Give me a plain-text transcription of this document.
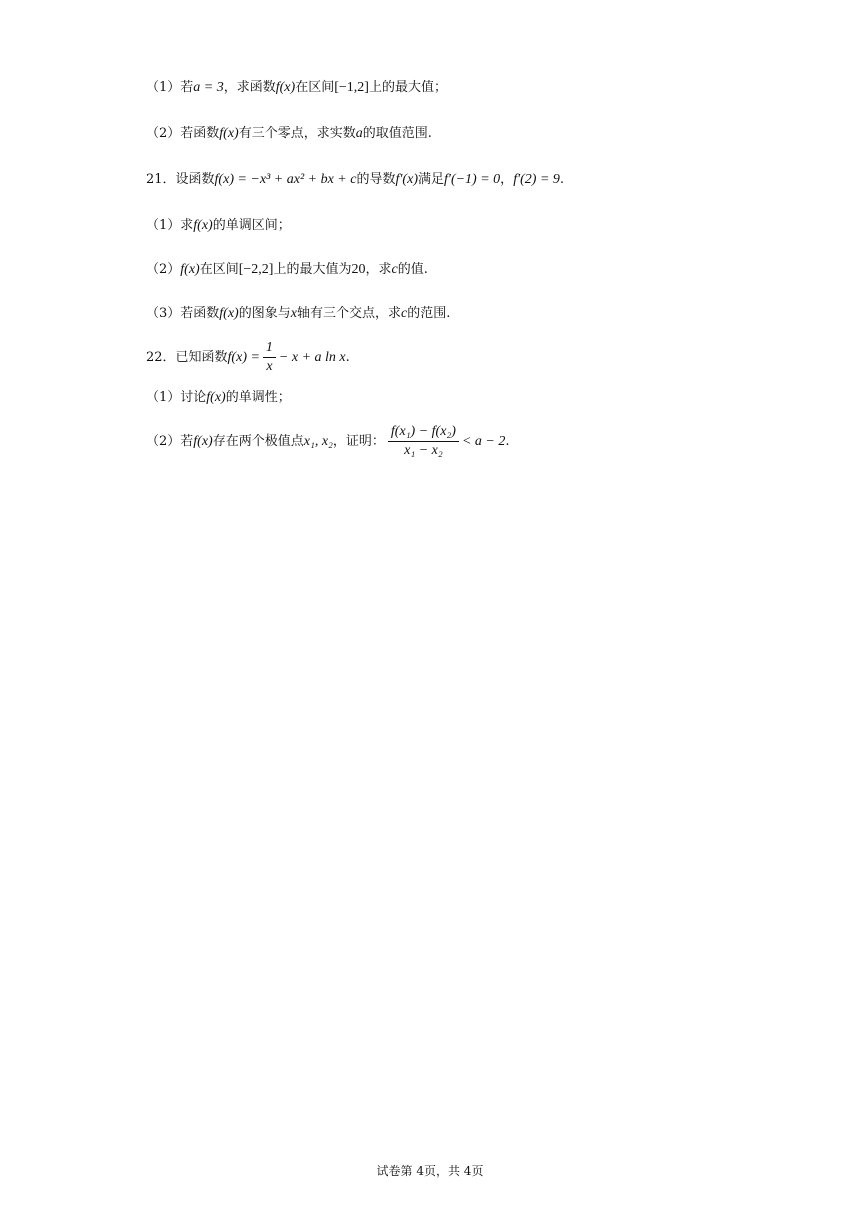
（1）若a = 3，求函数f(x)在区间[−1,2]上的最大值；
（2）若函数f(x)有三个零点，求实数a的取值范围.
21．设函数f(x) = −x³ + ax² + bx + c的导数f′(x)满足f′(−1) = 0，f′(2) = 9.
（1）求f(x)的单调区间；
（2）f(x)在区间[−2,2]上的最大值为20，求c的值.
（3）若函数f(x)的图象与x轴有三个交点，求c的范围.
22．已知函数$f(x) = \frac{1}{x} - x + a$ ln x.
（1）讨论f(x)的单调性；
（2）若f(x)存在两个极值点x₁, x₂，证明： $\frac{\text{f(x₁) − f(x₂)}}{\text{x₁ − x₂}} < a - 2$.
试卷第 4页，共 4页
